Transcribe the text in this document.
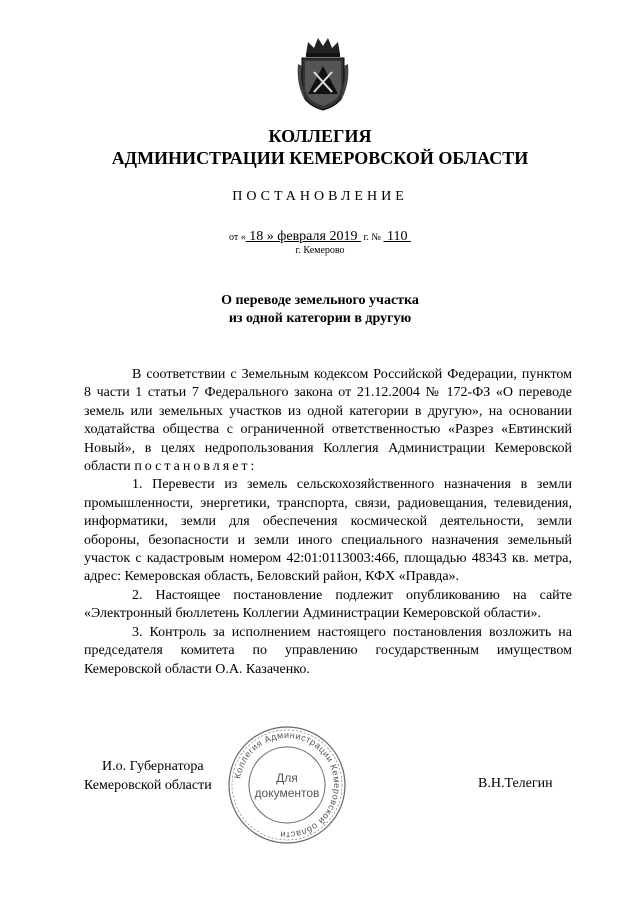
КОЛЛЕГИЯ
АДМИНИСТРАЦИИ КЕМЕРОВСКОЙ ОБЛАСТИ
ПОСТАНОВЛЕНИЕ
от « 18 » февраля 2019 г. № 110
г. Кемерово
О переводе земельного участка
из одной категории в другую

В соответствии с Земельным кодексом Российской Федерации, пунктом 8 части 1 статьи 7 Федерального закона от 21.12.2004 № 172-ФЗ «О переводе земель или земельных участков из одной категории в другую», на основании ходатайства общества с ограниченной ответственностью «Разрез «Евтинский Новый», в целях недропользования Коллегия Администрации Кемеровской области постановляет:

1. Перевести из земель сельскохозяйственного назначения в земли промышленности, энергетики, транспорта, связи, радиовещания, телевидения, информатики, земли для обеспечения космической деятельности, земли обороны, безопасности и земли иного специального назначения земельный участок с кадастровым номером 42:01:0113003:466, площадью 48343 кв. метра, адрес: Кемеровская область, Беловский район, КФХ «Правда».

2. Настоящее постановление подлежит опубликованию на сайте «Электронный бюллетень Коллегии Администрации Кемеровской области».

3. Контроль за исполнением настоящего постановления возложить на председателя комитета по управлению государственным имуществом Кемеровской области О.А. Казаченко.

И.о. Губернатора
Кемеровской области	В.Н.Телегин
Коллегия Администрации Кемеровской области
Для
документов
